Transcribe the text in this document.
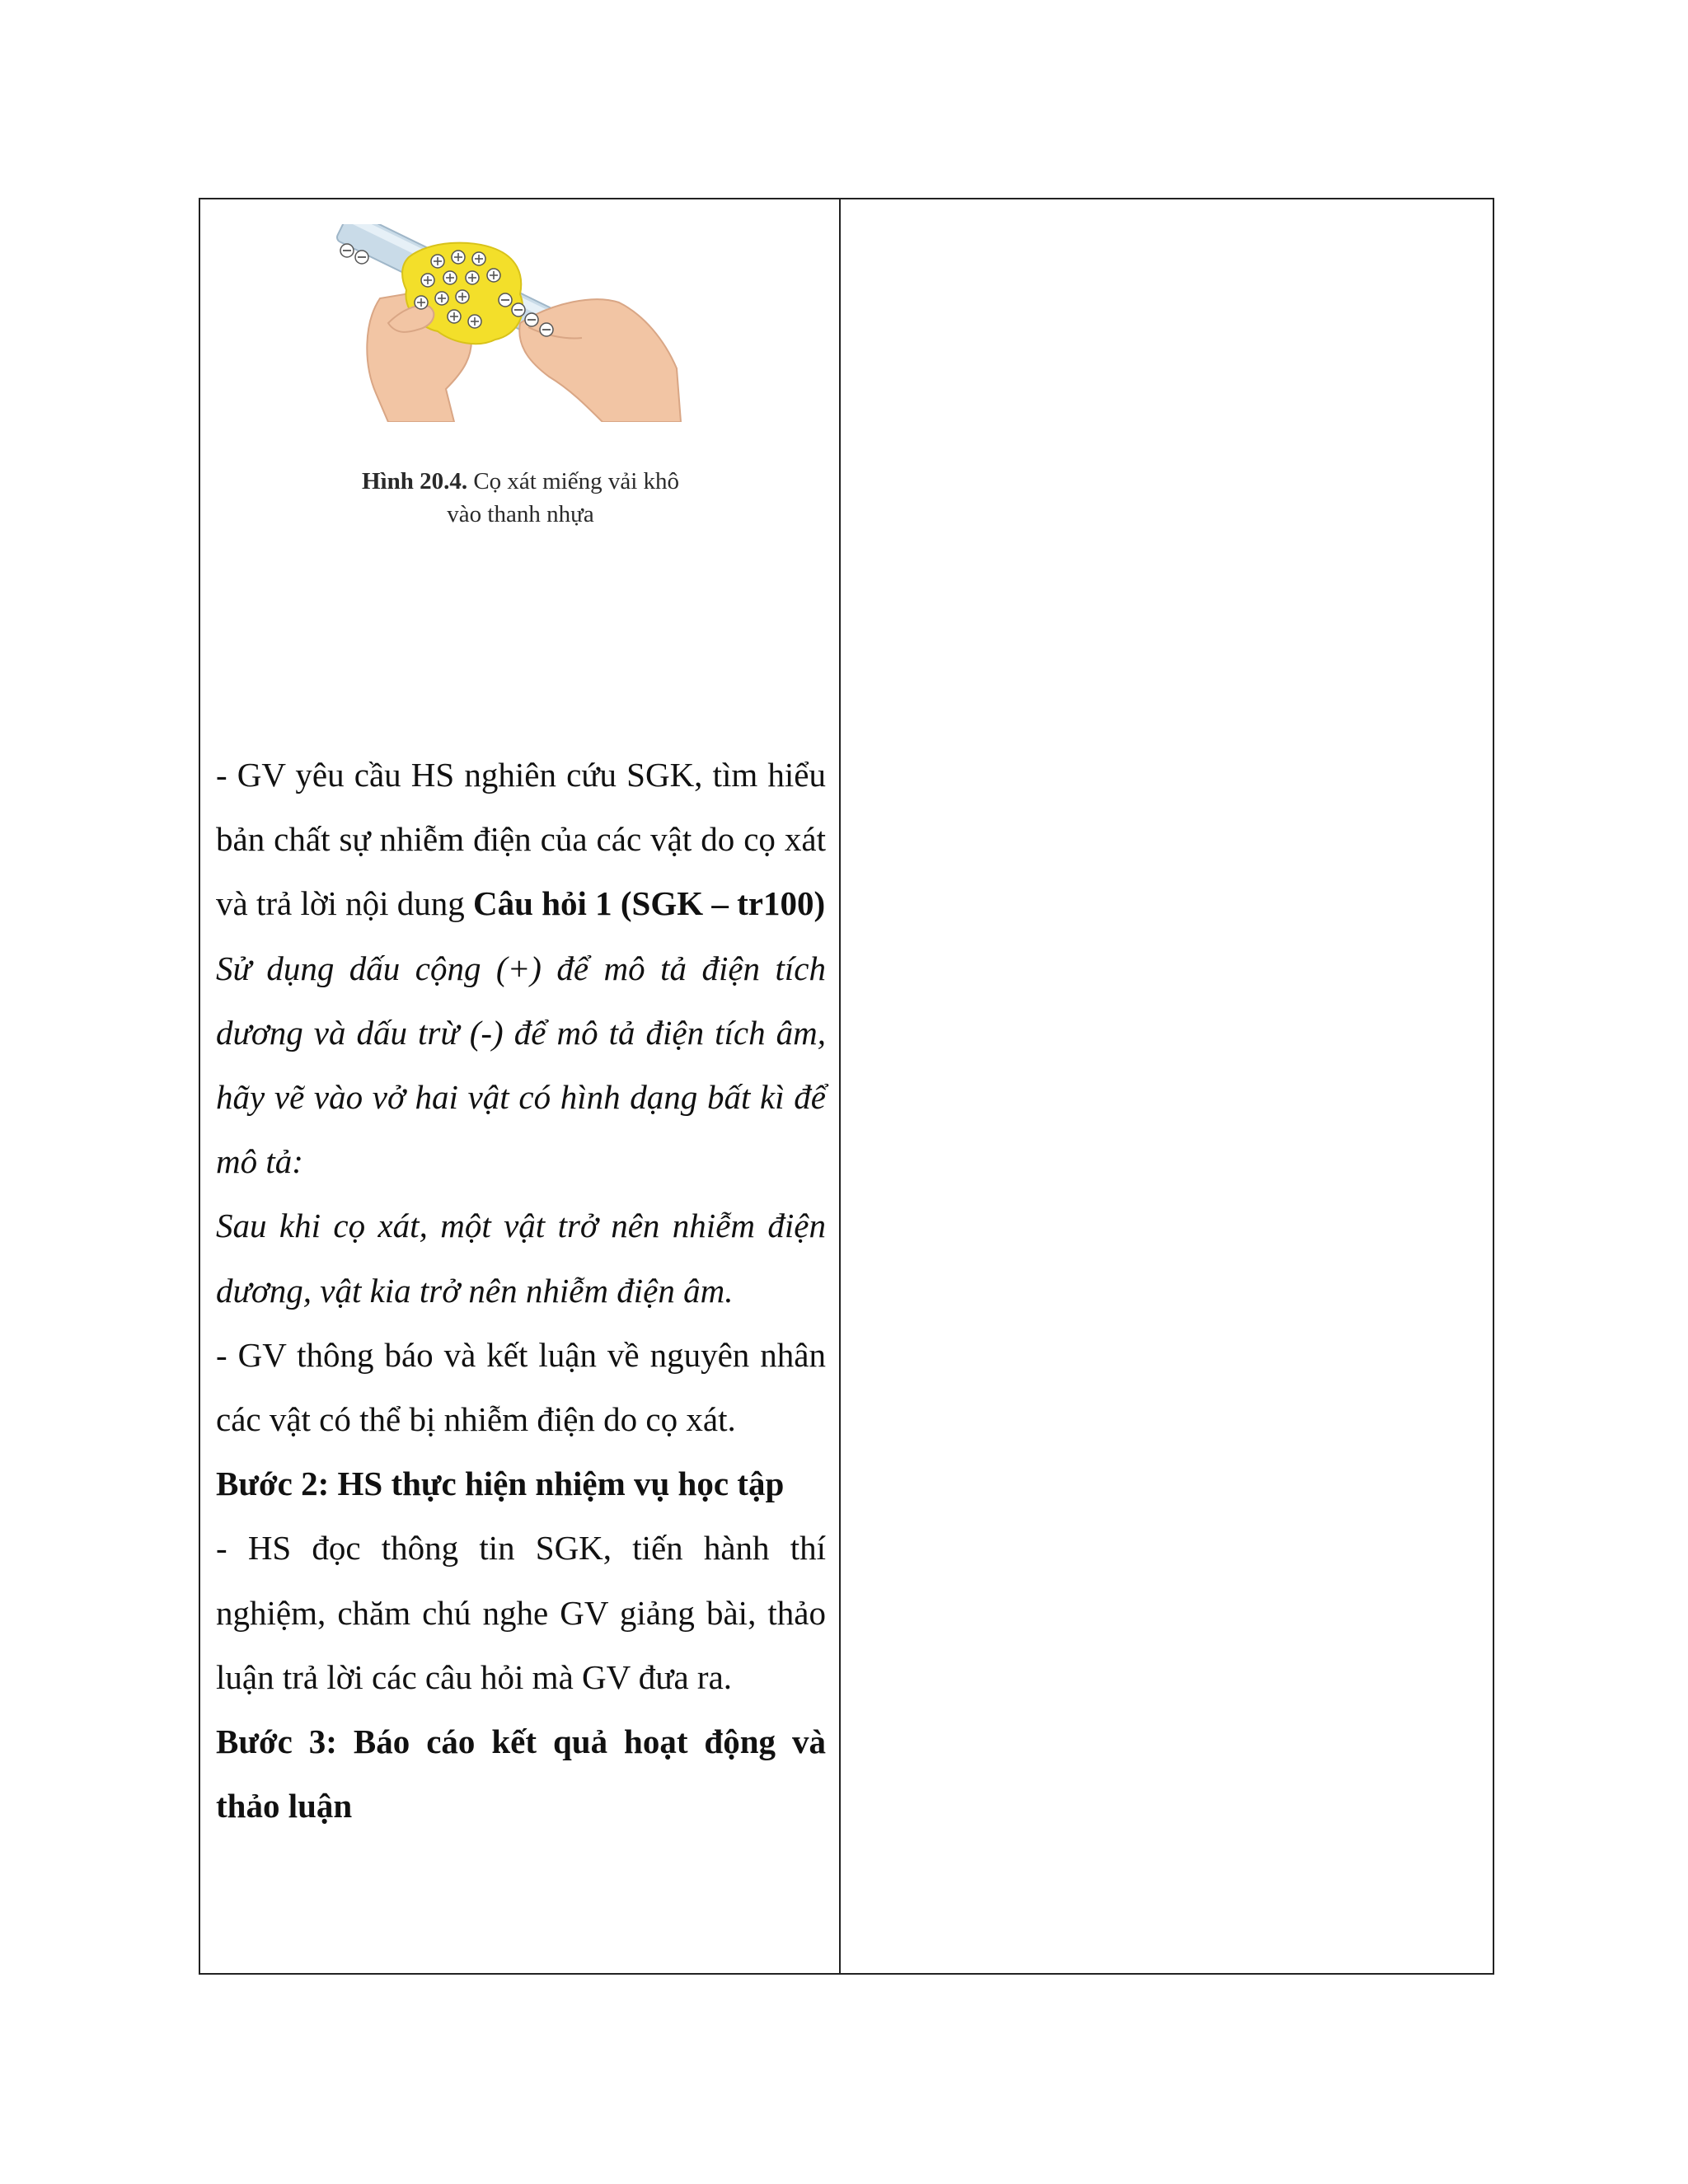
Hình 20.4. Cọ xát miếng vải khô
vào thanh nhựa

- GV yêu cầu HS nghiên cứu SGK, tìm hiểu bản chất sự nhiễm điện của các vật do cọ xát và trả lời nội dung Câu hỏi 1 (SGK – tr100)

Sử dụng dấu cộng (+) để mô tả điện tích dương và dấu trừ (-) để mô tả điện tích âm, hãy vẽ vào vở hai vật có hình dạng bất kì để mô tả:

Sau khi cọ xát, một vật trở nên nhiễm điện dương, vật kia trở nên nhiễm điện âm.

- GV thông báo và kết luận về nguyên nhân các vật có thể bị nhiễm điện do cọ xát.

Bước 2: HS thực hiện nhiệm vụ học tập

- HS đọc thông tin SGK, tiến hành thí nghiệm, chăm chú nghe GV giảng bài, thảo luận trả lời các câu hỏi mà GV đưa ra.

Bước 3: Báo cáo kết quả hoạt động và thảo luận
